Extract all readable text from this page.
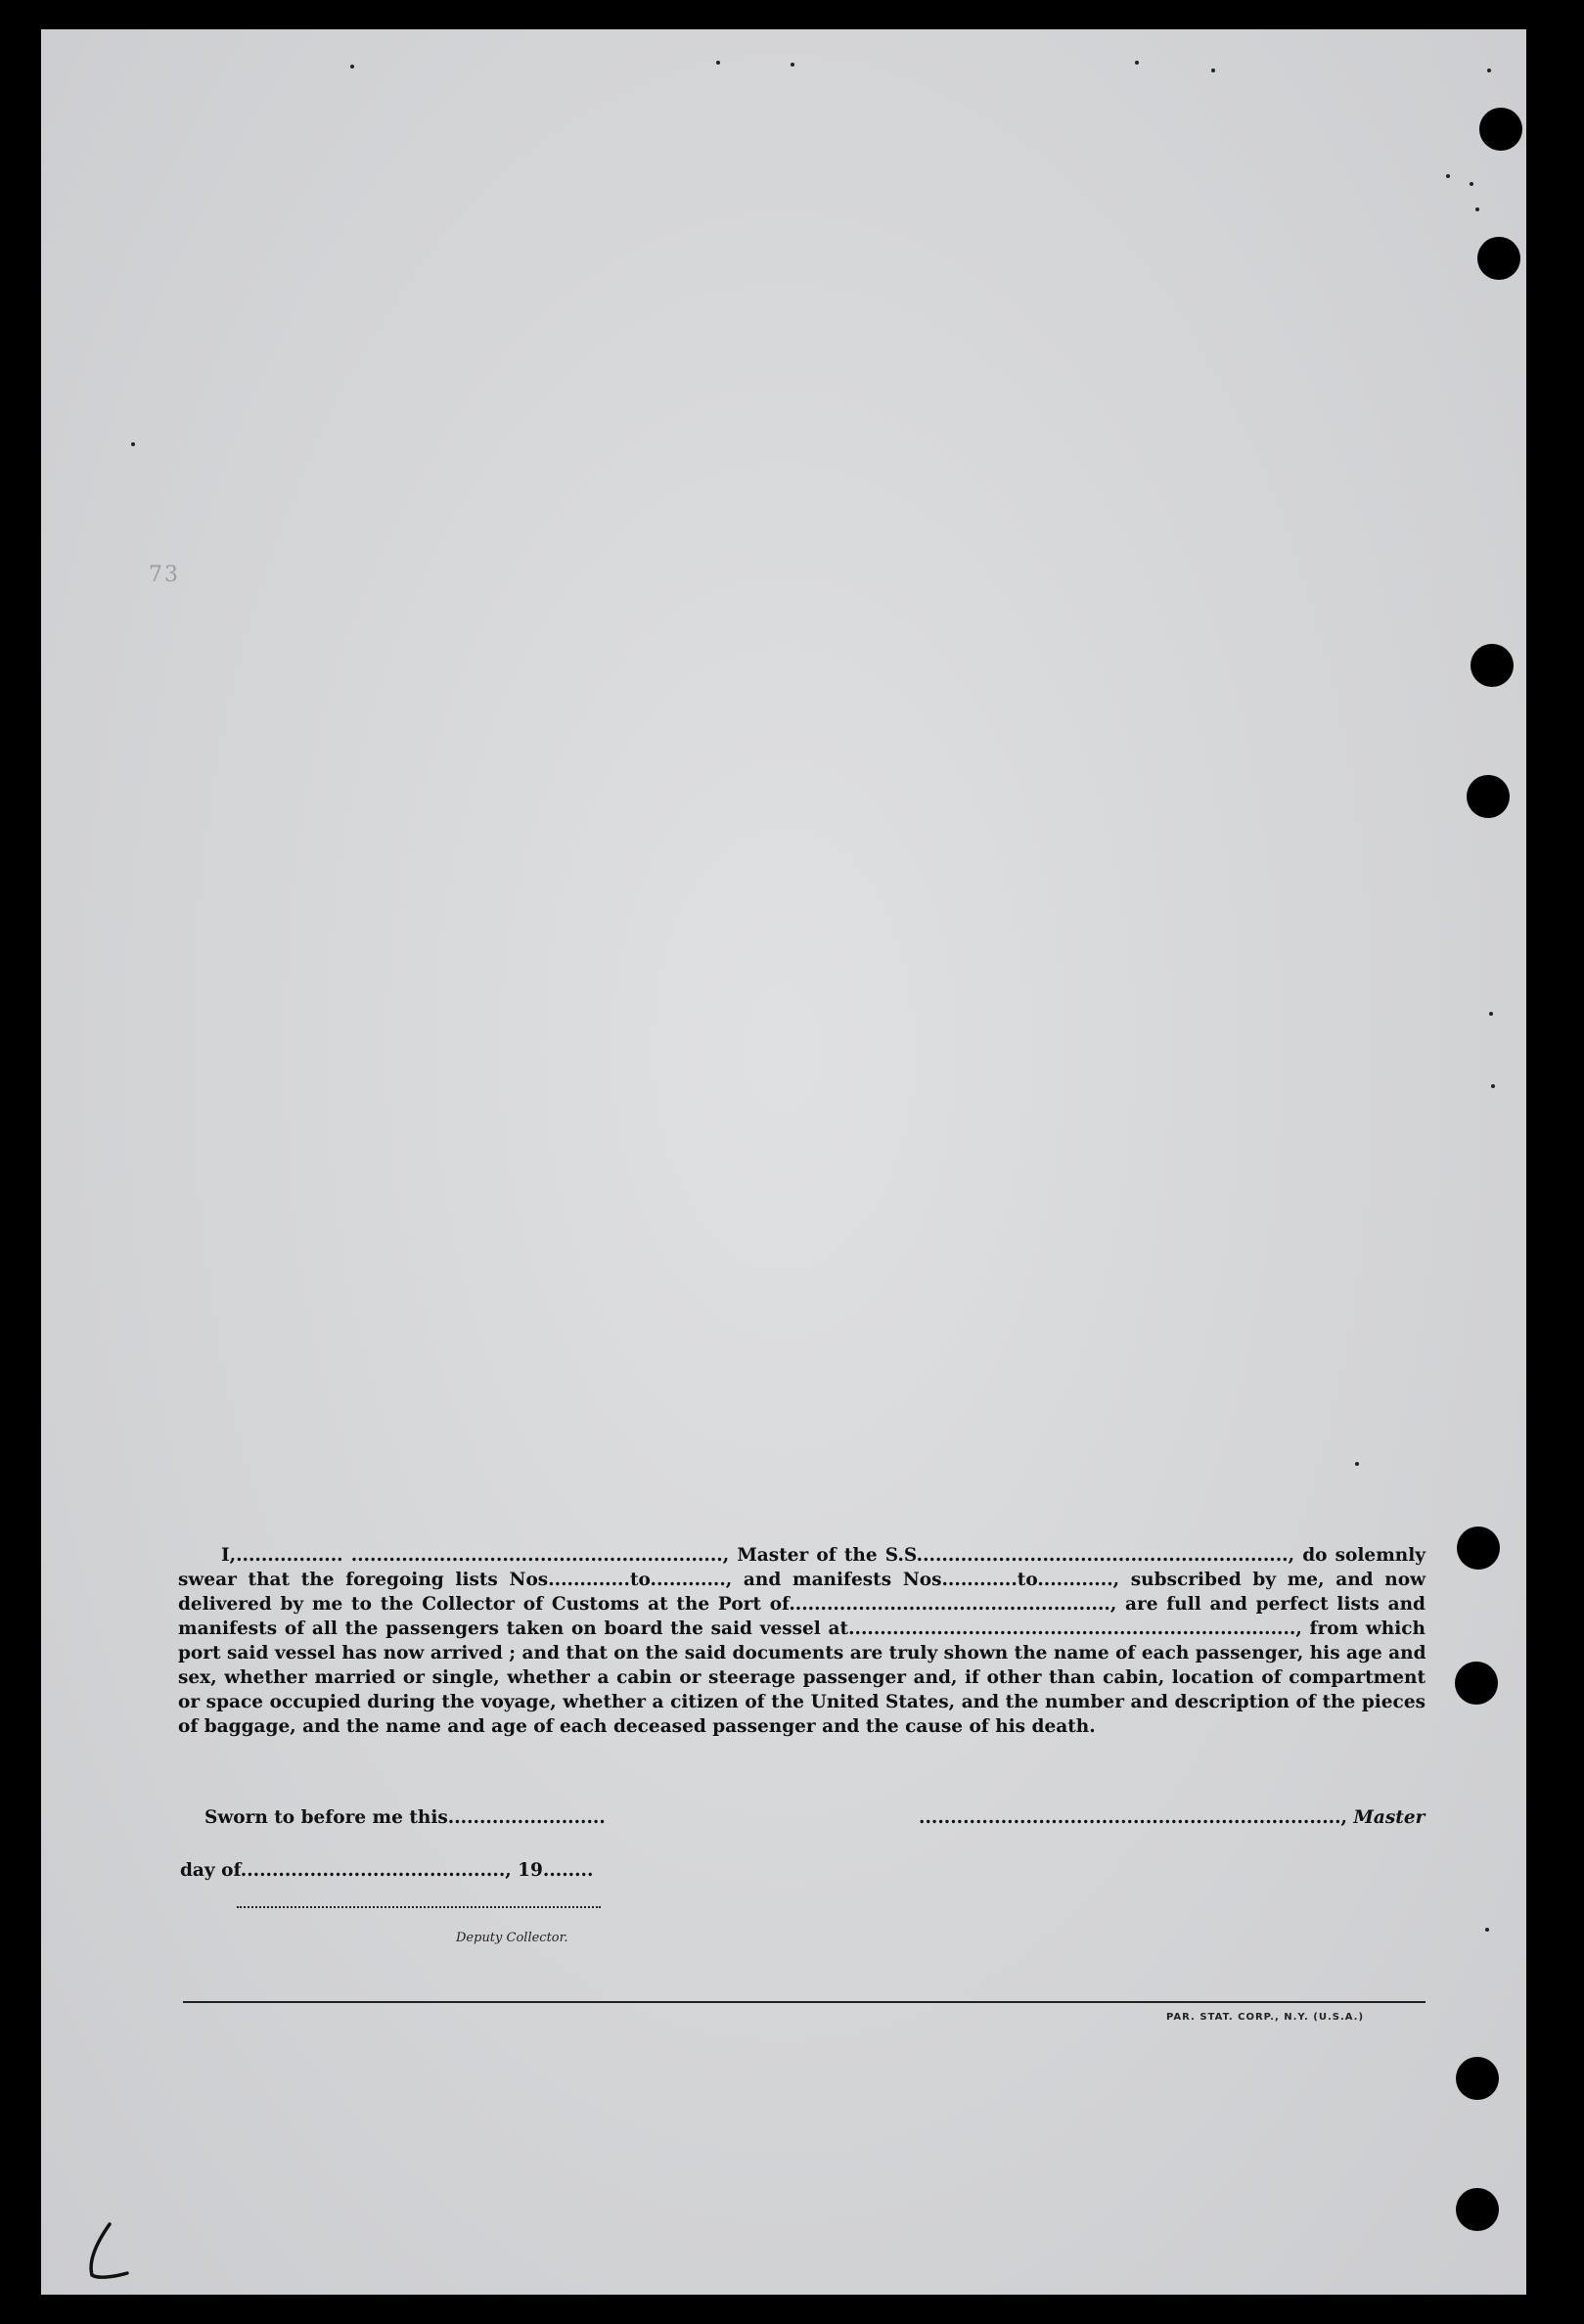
73
I,................. ..........................................................., Master of the S.S..........................................................., do solemnly
swear that the foregoing lists Nos.............to............, and manifests Nos............to............, subscribed by me, and now
delivered by me to the Collector of Customs at the Port of..................................................., are full and perfect lists and
manifests of all the passengers taken on board the said vessel at......................................................................., from which
port said vessel has now arrived ; and that on the said documents are truly shown the name of each passenger, his age and
sex, whether married or single, whether a cabin or steerage passenger and, if other than cabin, location of compartment
or space occupied during the voyage, whether a citizen of the United States, and the number and description of the pieces
of baggage, and the name and age of each deceased passenger and the cause of his death.
Sworn to before me this.........................	..................................................................., Master
day of.........................................., 19........
Deputy Collector.
PAR. STAT. CORP., N.Y. (U.S.A.)
